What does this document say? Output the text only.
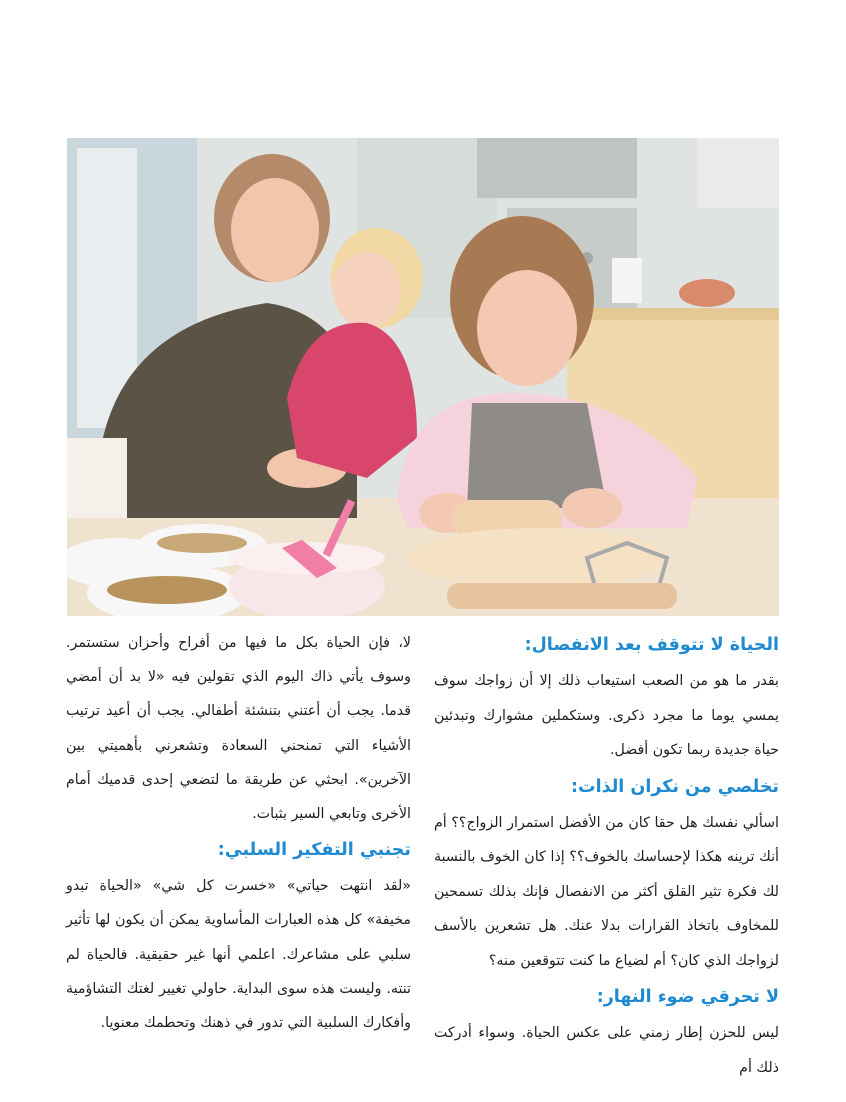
الحياة لا تتوقف بعد الانفصال:

بقدر ما هو من الصعب استيعاب ذلك إلا أن زواجك سوف يمسي يوما ما مجرد ذكرى. وستكملين مشوارك وتبدئين حياة جديدة ربما تكون أفضل.

تخلصي من نكران الذات:

اسألي نفسك هل حقا كان من الأفضل استمرار الزواج؟؟ أم أنك ترينه هكذا لإحساسك بالخوف؟؟ إذا كان الخوف بالنسبة لك فكرة تثير القلق أكثر من الانفصال فإنك بذلك تسمحين للمخاوف باتخاذ القرارات بدلا عنك. هل تشعرين بالأسف لزواجك الذي كان؟ أم لضياع ما كنت تتوقعين منه؟

لا تحرقي ضوء النهار:

ليس للحزن إطار زمني على عكس الحياة. وسواء أدركت ذلك أم

لا، فإن الحياة بكل ما فيها من أفراح وأحزان ستستمر. وسوف يأتي ذاك اليوم الذي تقولين فيه «لا بد أن أمضي قدما. يجب أن أعتني بتنشئة أطفالي. يجب أن أعيد ترتيب الأشياء التي تمنحني السعادة وتشعرني بأهميتي بين الآخرين». ابحثي عن طريقة ما لتضعي إحدى قدميك أمام الأخرى وتابعي السير بثبات.

تجنبي التفكير السلبي:

«لقد انتهت حياتي» «خسرت كل شي» «الحياة تبدو مخيفة» كل هذه العبارات المأساوية يمكن أن يكون لها تأثير سلبي على مشاعرك. اعلمي أنها غير حقيقية. فالحياة لم تنته. وليست هذه سوى البداية. حاولي تغيير لغتك التشاؤمية وأفكارك السلبية التي تدور في ذهنك وتحطمك معنويا.
